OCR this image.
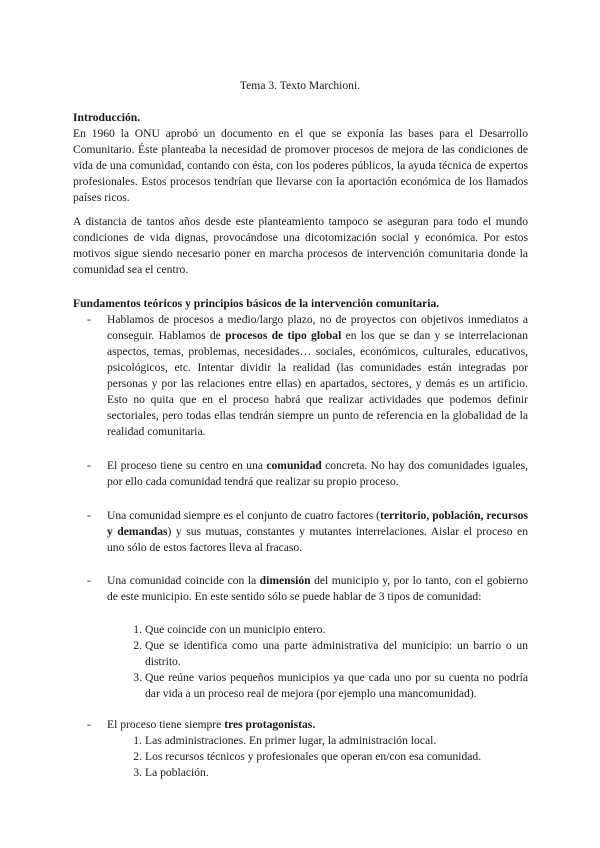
Tema 3. Texto Marchioni.
Introducción.
En 1960 la ONU aprobó un documento en el que se exponía las bases para el Desarrollo Comunitario. Éste planteaba la necesidad de promover procesos de mejora de las condiciones de vida de una comunidad, contando con ésta, con los poderes públicos, la ayuda técnica de expertos profesionales. Estos procesos tendrían que llevarse con la aportación económica de los llamados países ricos.
A distancia de tantos años desde este planteamiento tampoco se aseguran para todo el mundo condiciones de vida dignas, provocándose una dicotomización social y económica. Por estos motivos sigue siendo necesario poner en marcha procesos de intervención comunitaria donde la comunidad sea el centro.
Fundamentos teóricos y principios básicos de la intervención comunitaria.
- Hablamos de procesos a medio/largo plazo, no de proyectos con objetivos inmediatos a conseguir. Hablamos de procesos de tipo global en los que se dan y se interrelacionan aspectos, temas, problemas, necesidades… sociales, económicos, culturales, educativos, psicológicos, etc. Intentar dividir la realidad (las comunidades están integradas por personas y por las relaciones entre ellas) en apartados, sectores, y demás es un artificio. Esto no quita que en el proceso habrá que realizar actividades que podemos definir sectoriales, pero todas ellas tendrán siempre un punto de referencia en la globalidad de la realidad comunitaria.
- El proceso tiene su centro en una comunidad concreta. No hay dos comunidades iguales, por ello cada comunidad tendrá que realizar su propio proceso.
- Una comunidad siempre es el conjunto de cuatro factores (territorio, población, recursos y demandas) y sus mutuas, constantes y mutantes interrelaciones. Aislar el proceso en uno sólo de estos factores lleva al fracaso.
- Una comunidad coincide con la dimensión del municipio y, por lo tanto, con el gobierno de este municipio. En este sentido sólo se puede hablar de 3 tipos de comunidad:
1. Que coincide con un municipio entero.
2. Que se identifica como una parte administrativa del municipio: un barrio o un distrito.
3. Que reúne varios pequeños municipios ya que cada uno por su cuenta no podría dar vida a un proceso real de mejora (por ejemplo una mancomunidad).
- El proceso tiene siempre tres protagonistas.
1. Las administraciones. En primer lugar, la administración local.
2. Los recursos técnicos y profesionales que operan en/con esa comunidad.
3. La población.
